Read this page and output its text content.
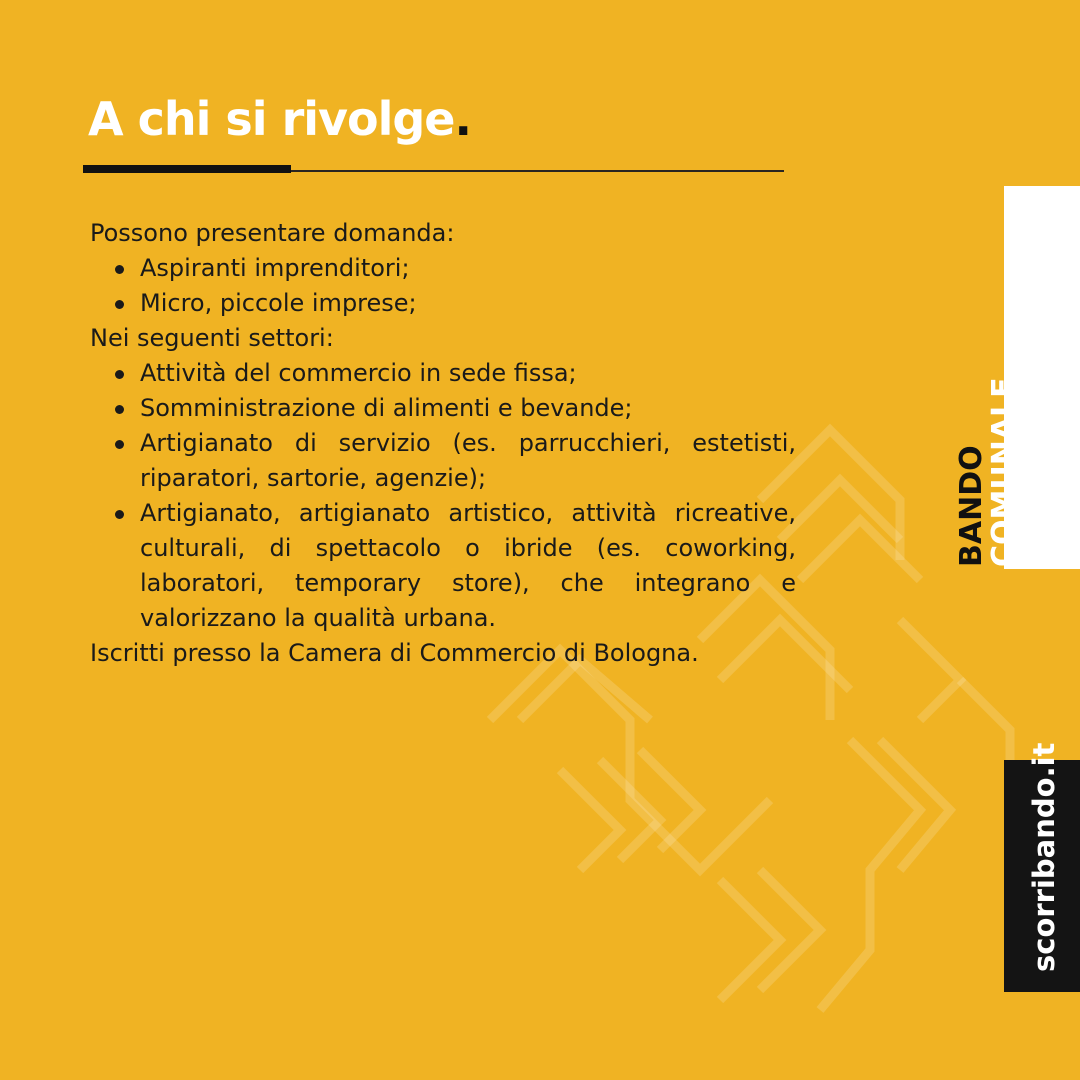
A chi si rivolge.

Possono presentare domanda:

Aspiranti imprenditori;
Micro, piccole imprese;

Nei seguenti settori:

Attività del commercio in sede fissa;
Somministrazione di alimenti e bevande;
Artigianato di servizio (es. parrucchieri, estetisti, riparatori, sartorie, agenzie);
Artigianato, artigianato artistico, attività ricreative, culturali, di spettacolo o ibride (es. coworking, laboratori, temporary store), che integrano e valorizzano la qualità urbana.

Iscritti presso la Camera di Commercio di Bologna.

BANDO
COMUNALE.
scorribando.it
